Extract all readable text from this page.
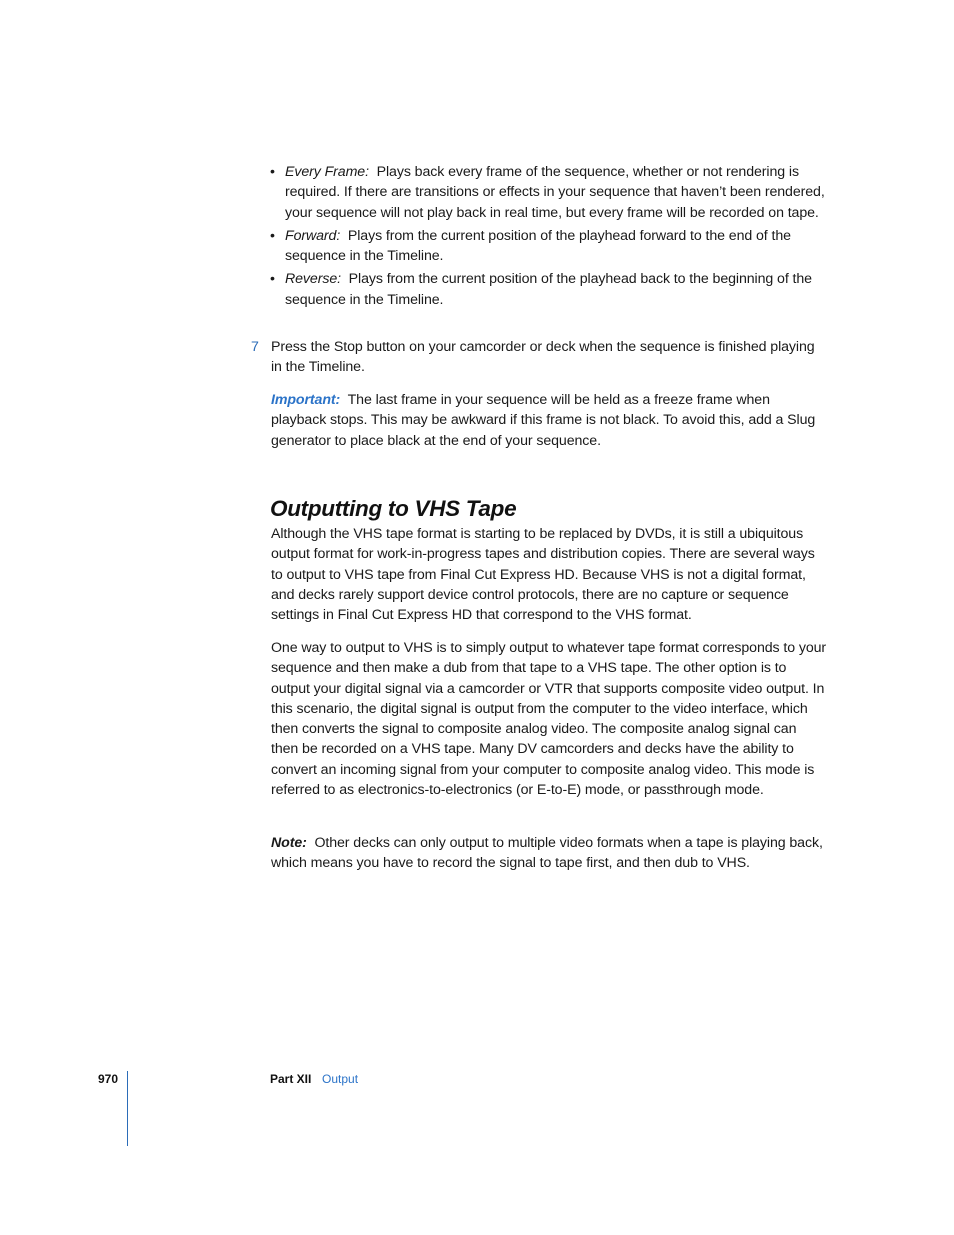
• Every Frame: Plays back every frame of the sequence, whether or not rendering is required. If there are transitions or effects in your sequence that haven’t been rendered, your sequence will not play back in real time, but every frame will be recorded on tape.
• Forward: Plays from the current position of the playhead forward to the end of the sequence in the Timeline.
• Reverse: Plays from the current position of the playhead back to the beginning of the sequence in the Timeline.
7 Press the Stop button on your camcorder or deck when the sequence is finished playing in the Timeline.

Important: The last frame in your sequence will be held as a freeze frame when playback stops. This may be awkward if this frame is not black. To avoid this, add a Slug generator to place black at the end of your sequence.

Outputting to VHS Tape

Although the VHS tape format is starting to be replaced by DVDs, it is still a ubiquitous output format for work-in-progress tapes and distribution copies. There are several ways to output to VHS tape from Final Cut Express HD. Because VHS is not a digital format, and decks rarely support device control protocols, there are no capture or sequence settings in Final Cut Express HD that correspond to the VHS format.

One way to output to VHS is to simply output to whatever tape format corresponds to your sequence and then make a dub from that tape to a VHS tape. The other option is to output your digital signal via a camcorder or VTR that supports composite video output. In this scenario, the digital signal is output from the computer to the video interface, which then converts the signal to composite analog video. The composite analog signal can then be recorded on a VHS tape. Many DV camcorders and decks have the ability to convert an incoming signal from your computer to composite analog video. This mode is referred to as electronics-to-electronics (or E-to-E) mode, or passthrough mode.

Note: Other decks can only output to multiple video formats when a tape is playing back, which means you have to record the signal to tape first, and then dub to VHS.

970	Part XII Output
